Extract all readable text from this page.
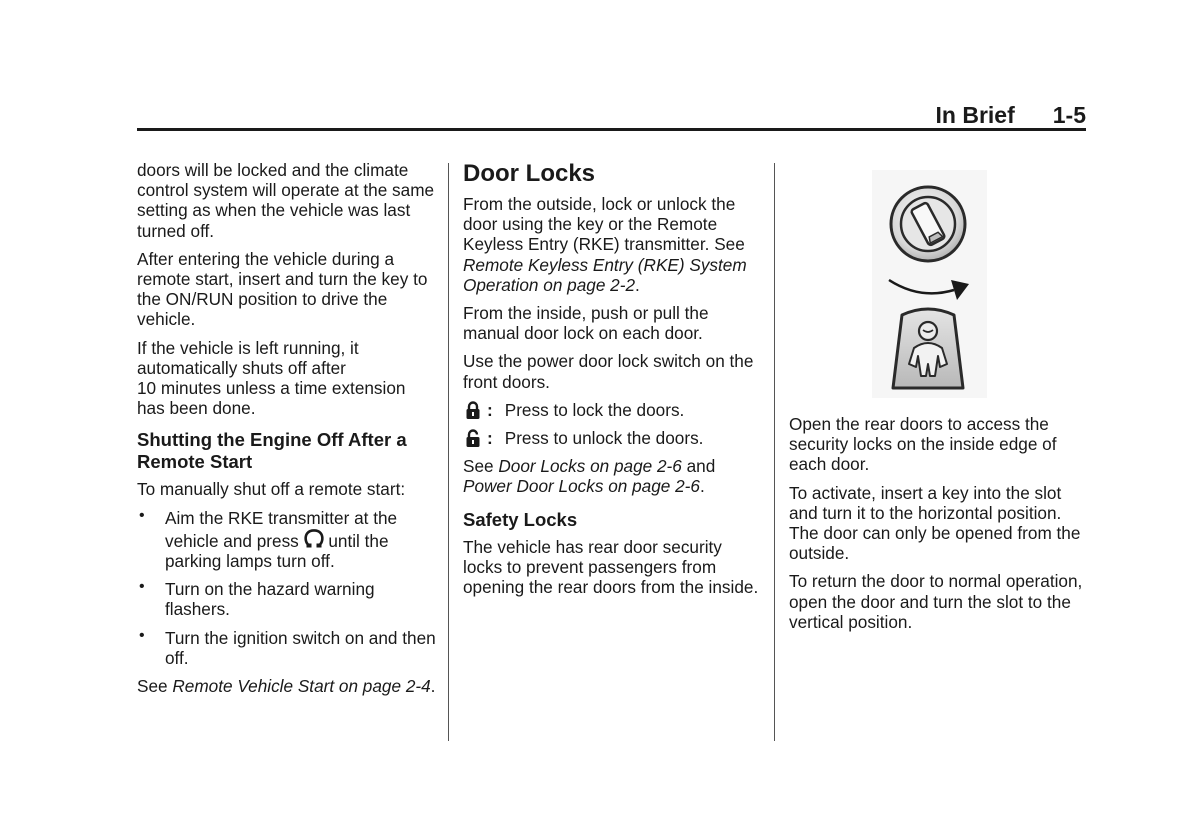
In Brief 1-5

doors will be locked and the climate control system will operate at the same setting as when the vehicle was last turned off.

After entering the vehicle during a remote start, insert and turn the key to the ON/RUN position to drive the vehicle.

If the vehicle is left running, it automatically shuts off after
10 minutes unless a time extension has been done.

Shutting the Engine Off After a Remote Start

To manually shut off a remote start:

• Aim the RKE transmitter at the vehicle and press until the parking lamps turn off.
• Turn on the hazard warning flashers.
• Turn the ignition switch on and then off.

See Remote Vehicle Start on page 2-4.

Door Locks

From the outside, lock or unlock the door using the key or the Remote Keyless Entry (RKE) transmitter. See Remote Keyless Entry (RKE) System Operation on page 2-2.

From the inside, push or pull the manual door lock on each door.

Use the power door lock switch on the front doors.

: Press to lock the doors.
: Press to unlock the doors.

See Door Locks on page 2-6 and Power Door Locks on page 2-6.

Safety Locks

The vehicle has rear door security locks to prevent passengers from opening the rear doors from the inside.

Open the rear doors to access the security locks on the inside edge of each door.

To activate, insert a key into the slot and turn it to the horizontal position. The door can only be opened from the outside.

To return the door to normal operation, open the door and turn the slot to the vertical position.
